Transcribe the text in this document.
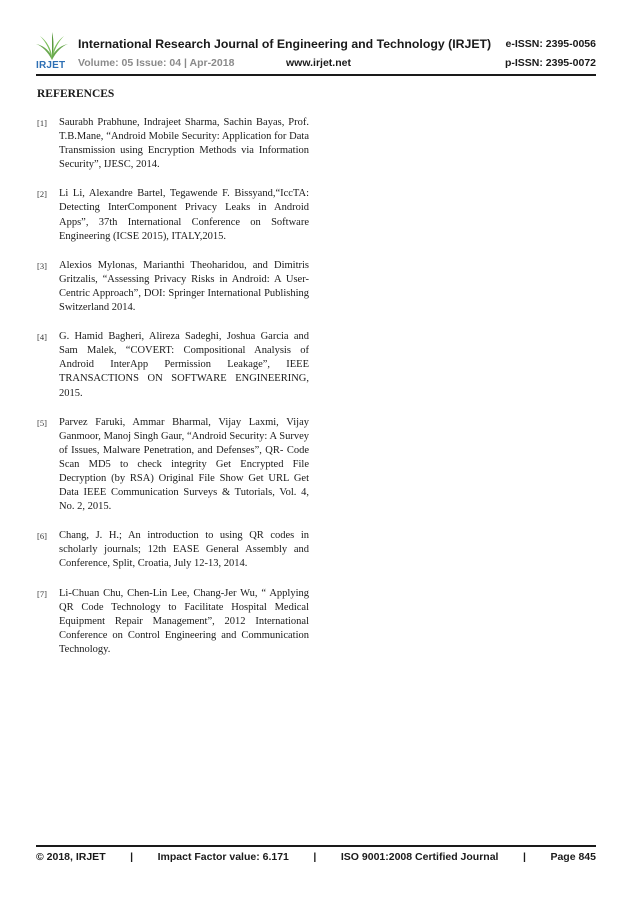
IRJET
International Research Journal of Engineering and Technology (IRJET) e-ISSN: 2395-0056
Volume: 05 Issue: 04 | Apr-2018	www.irjet.net	p-ISSN: 2395-0072
REFERENCES
[1]	Saurabh Prabhune, Indrajeet Sharma, Sachin Bayas, Prof. T.B.Mane, “Android Mobile Security: Application for Data Transmission using Encryption Methods via Information Security”, IJESC, 2014.
[2]	Li Li, Alexandre Bartel, Tegawende F. Bissyand,“IccTA: Detecting InterComponent Privacy Leaks in Android Apps”, 37th International Conference on Software Engineering (ICSE 2015), ITALY,2015.
[3]	Alexios Mylonas, Marianthi Theoharidou, and Dimitris Gritzalis, “Assessing Privacy Risks in Android: A User-Centric Approach”, DOI: Springer International Publishing Switzerland 2014.
[4]	G. Hamid Bagheri, Alireza Sadeghi, Joshua Garcia and Sam Malek, “COVERT: Compositional Analysis of Android InterApp Permission Leakage”, IEEE TRANSACTIONS ON SOFTWARE ENGINEERING, 2015.
[5]	Parvez Faruki, Ammar Bharmal, Vijay Laxmi, Vijay Ganmoor, Manoj Singh Gaur, “Android Security: A Survey of Issues, Malware Penetration, and Defenses”, QR- Code Scan MD5 to check integrity Get Encrypted File Decryption (by RSA) Original File Show Get URL Get Data IEEE Communication Surveys & Tutorials, Vol. 4, No. 2, 2015.
[6]	Chang, J. H.; An introduction to using QR codes in scholarly journals; 12th EASE General Assembly and Conference, Split, Croatia, July 12-13, 2014.
[7]	Li-Chuan Chu, Chen-Lin Lee, Chang-Jer Wu, “ Applying QR Code Technology to Facilitate Hospital Medical Equipment Repair Management”, 2012 International Conference on Control Engineering and Communication Technology.
© 2018, IRJET | Impact Factor value: 6.171 | ISO 9001:2008 Certified Journal | Page 845
